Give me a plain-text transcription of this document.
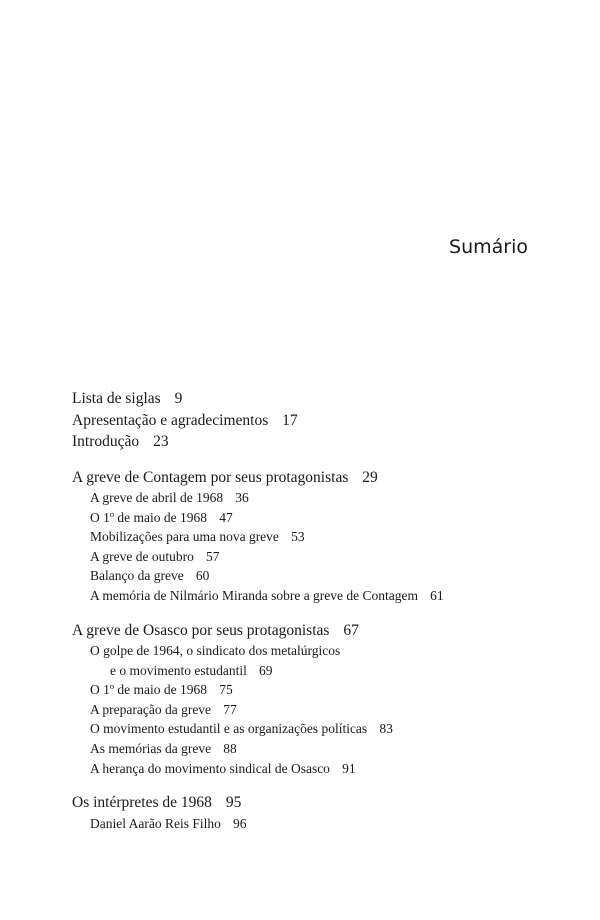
Sumário
Lista de siglas 9
Apresentação e agradecimentos 17
Introdução 23
A greve de Contagem por seus protagonistas 29
A greve de abril de 1968 36
O 1º de maio de 1968 47
Mobilizações para uma nova greve 53
A greve de outubro 57
Balanço da greve 60
A memória de Nilmário Miranda sobre a greve de Contagem 61
A greve de Osasco por seus protagonistas 67
O golpe de 1964, o sindicato dos metalúrgicos
e o movimento estudantil 69
O 1º de maio de 1968 75
A preparação da greve 77
O movimento estudantil e as organizações políticas 83
As memórias da greve 88
A herança do movimento sindical de Osasco 91
Os intérpretes de 1968 95
Daniel Aarão Reis Filho 96
